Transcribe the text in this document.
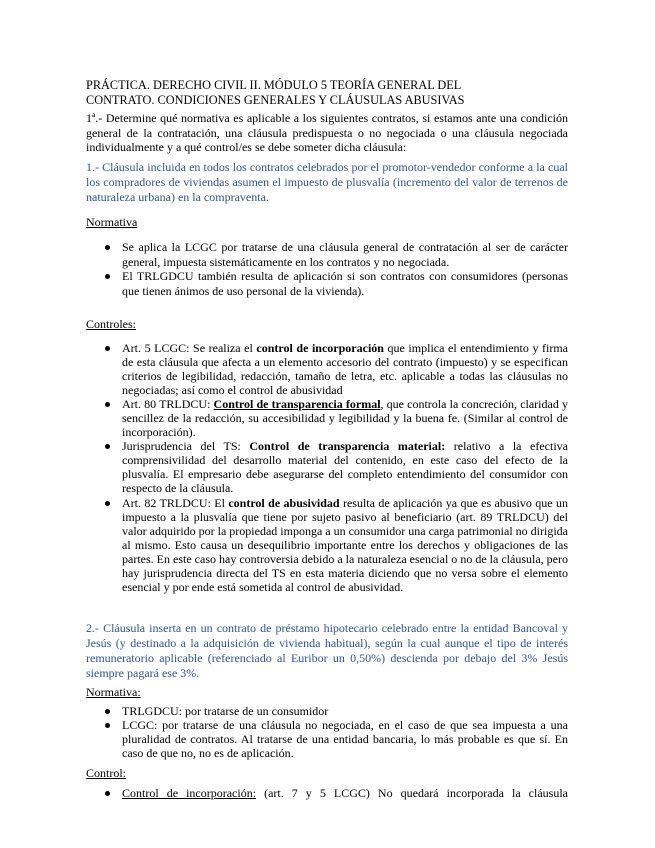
PRÁCTICA. DERECHO CIVIL II. MÓDULO 5 TEORÍA GENERAL DEL
CONTRATO. CONDICIONES GENERALES Y CLÁUSULAS ABUSIVAS
1ª.- Determine qué normativa es aplicable a los siguientes contratos, si estamos ante una condición general de la contratación, una cláusula predispuesta o no negociada o una cláusula negociada individualmente y a qué control/es se debe someter dicha cláusula:
1.- Cláusula incluida en todos los contratos celebrados por el promotor-vendedor conforme a la cual los compradores de viviendas asumen el impuesto de plusvalía (incremento del valor de terrenos de naturaleza urbana) en la compraventa.
Normativa
Se aplica la LCGC por tratarse de una cláusula general de contratación al ser de carácter general, impuesta sistemáticamente en los contratos y no negociada.
El TRLGDCU también resulta de aplicación si son contratos con consumidores (personas que tienen ánimos de uso personal de la vivienda).
Controles:
Art. 5 LCGC: Se realiza el control de incorporación que implica el entendimiento y firma de esta cláusula que afecta a un elemento accesorio del contrato (impuesto) y se especifican criterios de legibilidad, redacción, tamaño de letra, etc. aplicable a todas las cláusulas no negociadas; así como el control de abusividad
Art. 80 TRLDCU: Control de transparencia formal, que controla la concreción, claridad y sencillez de la redacción, su accesibilidad y legibilidad y la buena fe. (Similar al control de incorporación).
Jurisprudencia del TS: Control de transparencia material: relativo a la efectiva comprensivilidad del desarrollo material del contenido, en este caso del efecto de la plusvalía. El empresario debe asegurarse del completo entendimiento del consumidor con respecto de la cláusula.
Art. 82 TRLDCU: El control de abusividad resulta de aplicación ya que es abusivo que un impuesto a la plusvalía que tiene por sujeto pasivo al beneficiario (art. 89 TRLDCU) del valor adquirido por la propiedad imponga a un consumidor una carga patrimonial no dirigida al mismo. Esto causa un desequilibrio importante entre los derechos y obligaciones de las partes. En este caso hay controversia debido a la naturaleza esencial o no de la cláusula, pero hay jurisprudencia directa del TS en esta materia diciendo que no versa sobre el elemento esencial y por ende está sometida al control de abusividad.
2.- Cláusula inserta en un contrato de préstamo hipotecario celebrado entre la entidad Bancoval y Jesús (y destinado a la adquisición de vivienda habitual), según la cual aunque el tipo de interés remuneratorio aplicable (referenciado al Euribor un 0,50%) descienda por debajo del 3% Jesús siempre pagará ese 3%.
Normativa:
TRLGDCU: por tratarse de un consumidor
LCGC: por tratarse de una cláusula no negociada, en el caso de que sea impuesta a una pluralidad de contratos. Al tratarse de una entidad bancaria, lo más probable es que sí. En caso de que no, no es de aplicación.
Control:
Control de incorporación: (art. 7 y 5 LCGC) No quedará incorporada la cláusula
